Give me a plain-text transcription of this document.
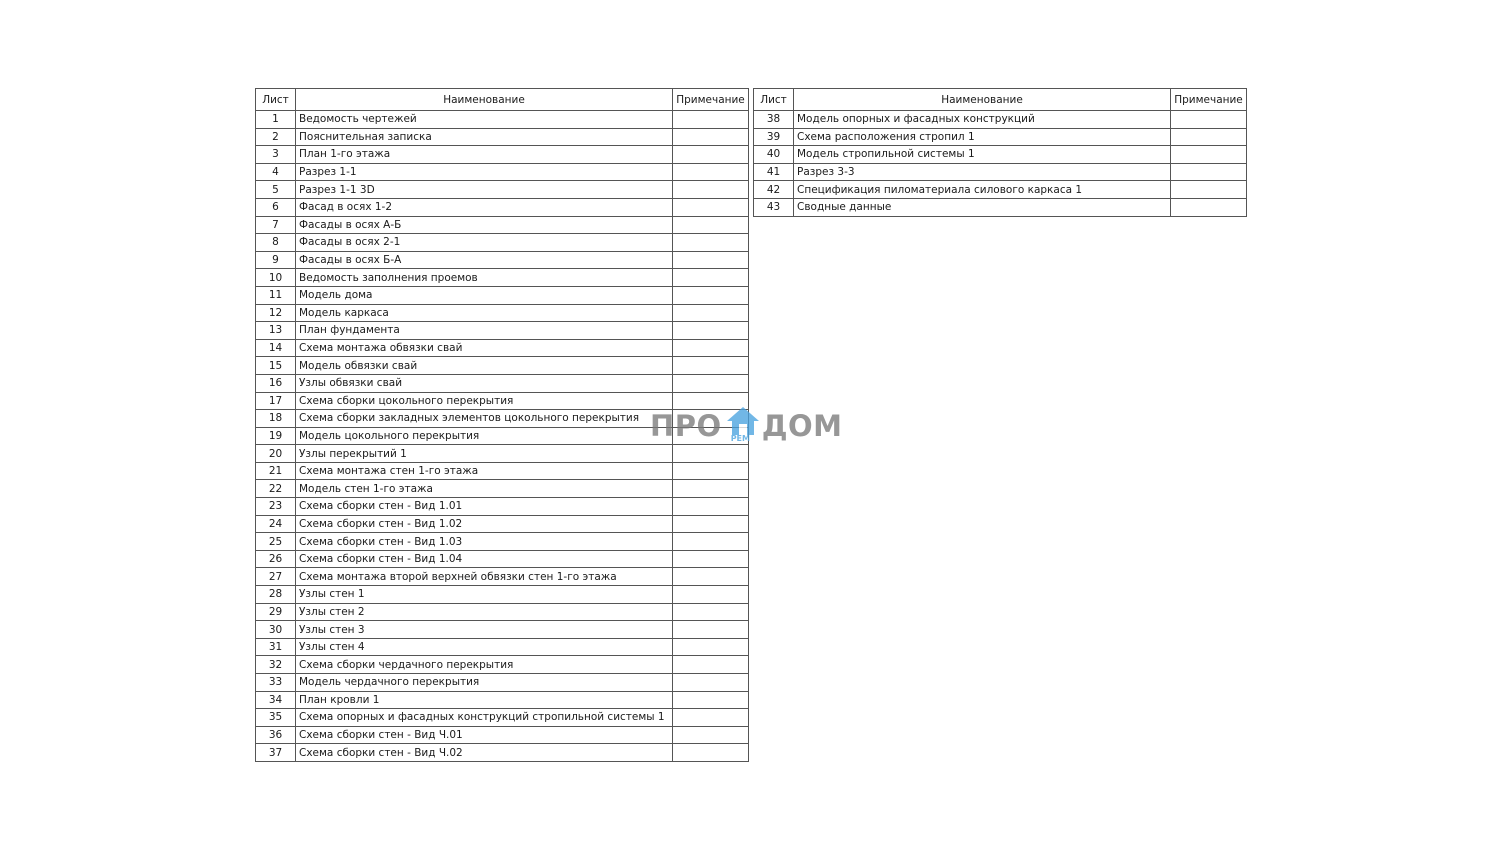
Лист	Наименование	Примечание
1	Ведомость чертежей	
2	Пояснительная записка	
3	План 1-го этажа	
4	Разрез 1-1	
5	Разрез 1-1 3D	
6	Фасад в осях 1-2	
7	Фасады в осях А-Б	
8	Фасады в осях 2-1	
9	Фасады в осях Б-А	
10	Ведомость заполнения проемов	
11	Модель дома	
12	Модель каркаса	
13	План фундамента	
14	Схема монтажа обвязки свай	
15	Модель обвязки свай	
16	Узлы обвязки свай	
17	Схема сборки цокольного перекрытия	
18	Схема сборки закладных элементов цокольного перекрытия	
19	Модель цокольного перекрытия	
20	Узлы перекрытий 1	
21	Схема монтажа стен 1-го этажа	
22	Модель стен 1-го этажа	
23	Схема сборки стен - Вид 1.01	
24	Схема сборки стен - Вид 1.02	
25	Схема сборки стен - Вид 1.03	
26	Схема сборки стен - Вид 1.04	
27	Схема монтажа второй верхней обвязки стен 1-го этажа	
28	Узлы стен 1	
29	Узлы стен 2	
30	Узлы стен 3	
31	Узлы стен 4	
32	Схема сборки чердачного перекрытия	
33	Модель чердачного перекрытия	
34	План кровли 1	
35	Схема опорных и фасадных конструкций стропильной системы 1	
36	Схема сборки стен - Вид Ч.01	
37	Схема сборки стен - Вид Ч.02	
Лист	Наименование	Примечание
38	Модель опорных и фасадных конструкций	
39	Схема расположения стропил 1	
40	Модель стропильной системы 1	
41	Разрез 3-3	
42	Спецификация пиломатериала силового каркаса 1	
43	Сводные данные	
ПРО РЕМ ДОМ
